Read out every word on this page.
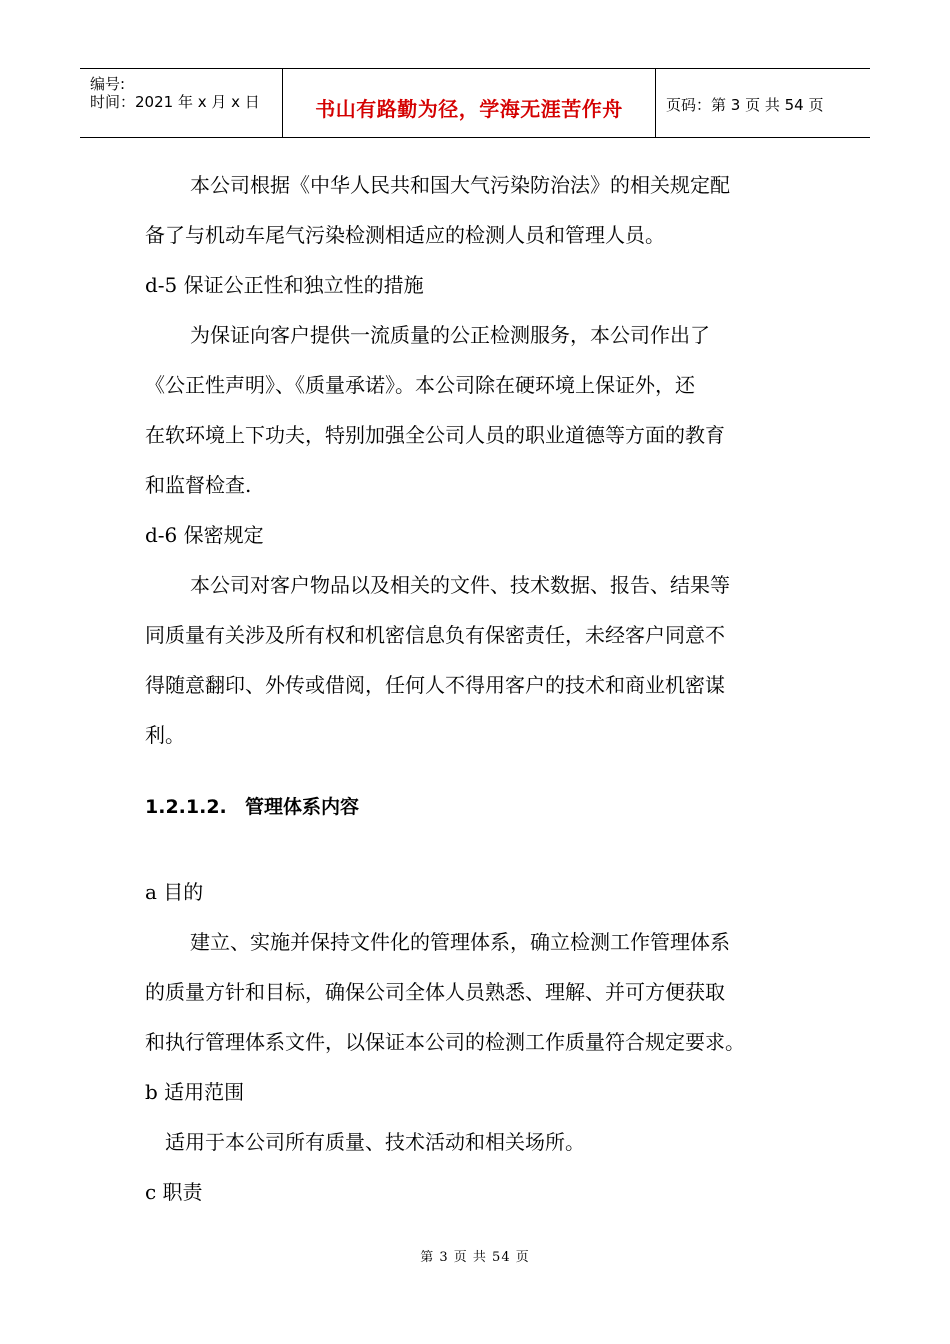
编号:
时间：2021 年 x 月 x 日	书山有路勤为径，学海无涯苦作舟	页码：第 3 页 共 54 页
本公司根据《中华人民共和国大气污染防治法》的相关规定配
备了与机动车尾气污染检测相适应的检测人员和管理人员。
d-5 保证公正性和独立性的措施
为保证向客户提供一流质量的公正检测服务，本公司作出了
《公正性声明》、《质量承诺》。本公司除在硬环境上保证外，还
在软环境上下功夫，特别加强全公司人员的职业道德等方面的教育
和监督检查.
d-6 保密规定
本公司对客户物品以及相关的文件、技术数据、报告、结果等
同质量有关涉及所有权和机密信息负有保密责任，未经客户同意不
得随意翻印、外传或借阅，任何人不得用客户的技术和商业机密谋
利。
1.2.1.2. 管理体系内容
a 目的
建立、实施并保持文件化的管理体系，确立检测工作管理体系
的质量方针和目标，确保公司全体人员熟悉、理解、并可方便获取
和执行管理体系文件，以保证本公司的检测工作质量符合规定要求。
b 适用范围
适用于本公司所有质量、技术活动和相关场所。
c 职责
第 3 页 共 54 页
